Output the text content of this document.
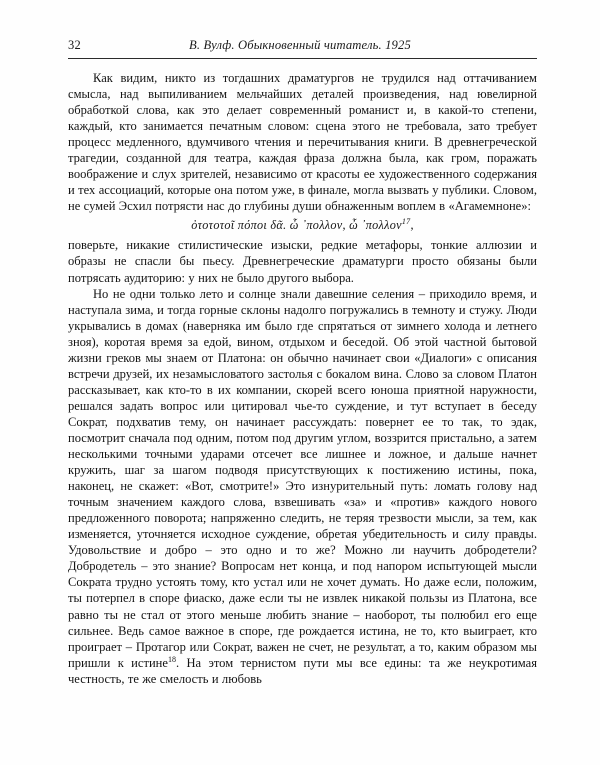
32	В. Вулф. Обыкновенный читатель. 1925

Как видим, никто из тогдашних драматургов не трудился над оттачиванием смысла, над выпиливанием мельчайших деталей произведения, над ювелирной обработкой слова, как это делает современный романист и, в какой-то степени, каждый, кто занимается печатным словом: сцена этого не требовала, зато требует процесс медленного, вдумчивого чтения и перечитывания книги. В древнегреческой трагедии, созданной для театра, каждая фраза должна была, как гром, поражать воображение и слух зрителей, независимо от красоты ее художественного содержания и тех ассоциаций, которые она потом уже, в финале, могла вызвать у публики. Словом, не сумей Эсхил потрясти нас до глубины души обнаженным воплем в «Агамемноне»:

ὀτοτοτοῖ πόποι δᾶ. ὦ ᾽πολλον, ὦ ᾽πολλον$^{17}$,

поверьте, никакие стилистические изыски, редкие метафоры, тонкие аллюзии и образы не спасли бы пьесу. Древнегреческие драматурги просто обязаны были потрясать аудиторию: у них не было другого выбора.

Но не одни только лето и солнце знали давешние селения – приходило время, и наступала зима, и тогда горные склоны надолго погружались в темноту и стужу. Люди укрывались в домах (наверняка им было где спрятаться от зимнего холода и летнего зноя), коротая время за едой, вином, отдыхом и беседой. Об этой частной бытовой жизни греков мы знаем от Платона: он обычно начинает свои «Диалоги» с описания встречи друзей, их незамысловатого застолья с бокалом вина. Слово за словом Платон рассказывает, как кто-то в их компании, скорей всего юноша приятной наружности, решался задать вопрос или цитировал чье-то суждение, и тут вступает в беседу Сократ, подхватив тему, он начинает рассуждать: повернет ее то так, то эдак, посмотрит сначала под одним, потом под другим углом, воззрится пристально, а затем несколькими точными ударами отсечет все лишнее и ложное, и дальше начнет кружить, шаг за шагом подводя присутствующих к постижению истины, пока, наконец, не скажет: «Вот, смотрите!» Это изнурительный путь: ломать голову над точным значением каждого слова, взвешивать «за» и «против» каждого нового предложенного поворота; напряженно следить, не теряя трезвости мысли, за тем, как изменяется, уточняется исходное суждение, обретая убедительность и силу правды. Удовольствие и добро – это одно и то же? Можно ли научить добродетели? Добродетель – это знание? Вопросам нет конца, и под напором испытующей мысли Сократа трудно устоять тому, кто устал или не хочет думать. Но даже если, положим, ты потерпел в споре фиаско, даже если ты не извлек никакой пользы из Платона, все равно ты не стал от этого меньше любить знание – наоборот, ты полюбил его еще сильнее. Ведь самое важное в споре, где рождается истина, не то, кто выиграет, кто проиграет – Протагор или Сократ, важен не счет, не результат, а то, каким образом мы пришли к истине$^{18}$. На этом тернистом пути мы все едины: та же неукротимая честность, те же смелость и любовь
